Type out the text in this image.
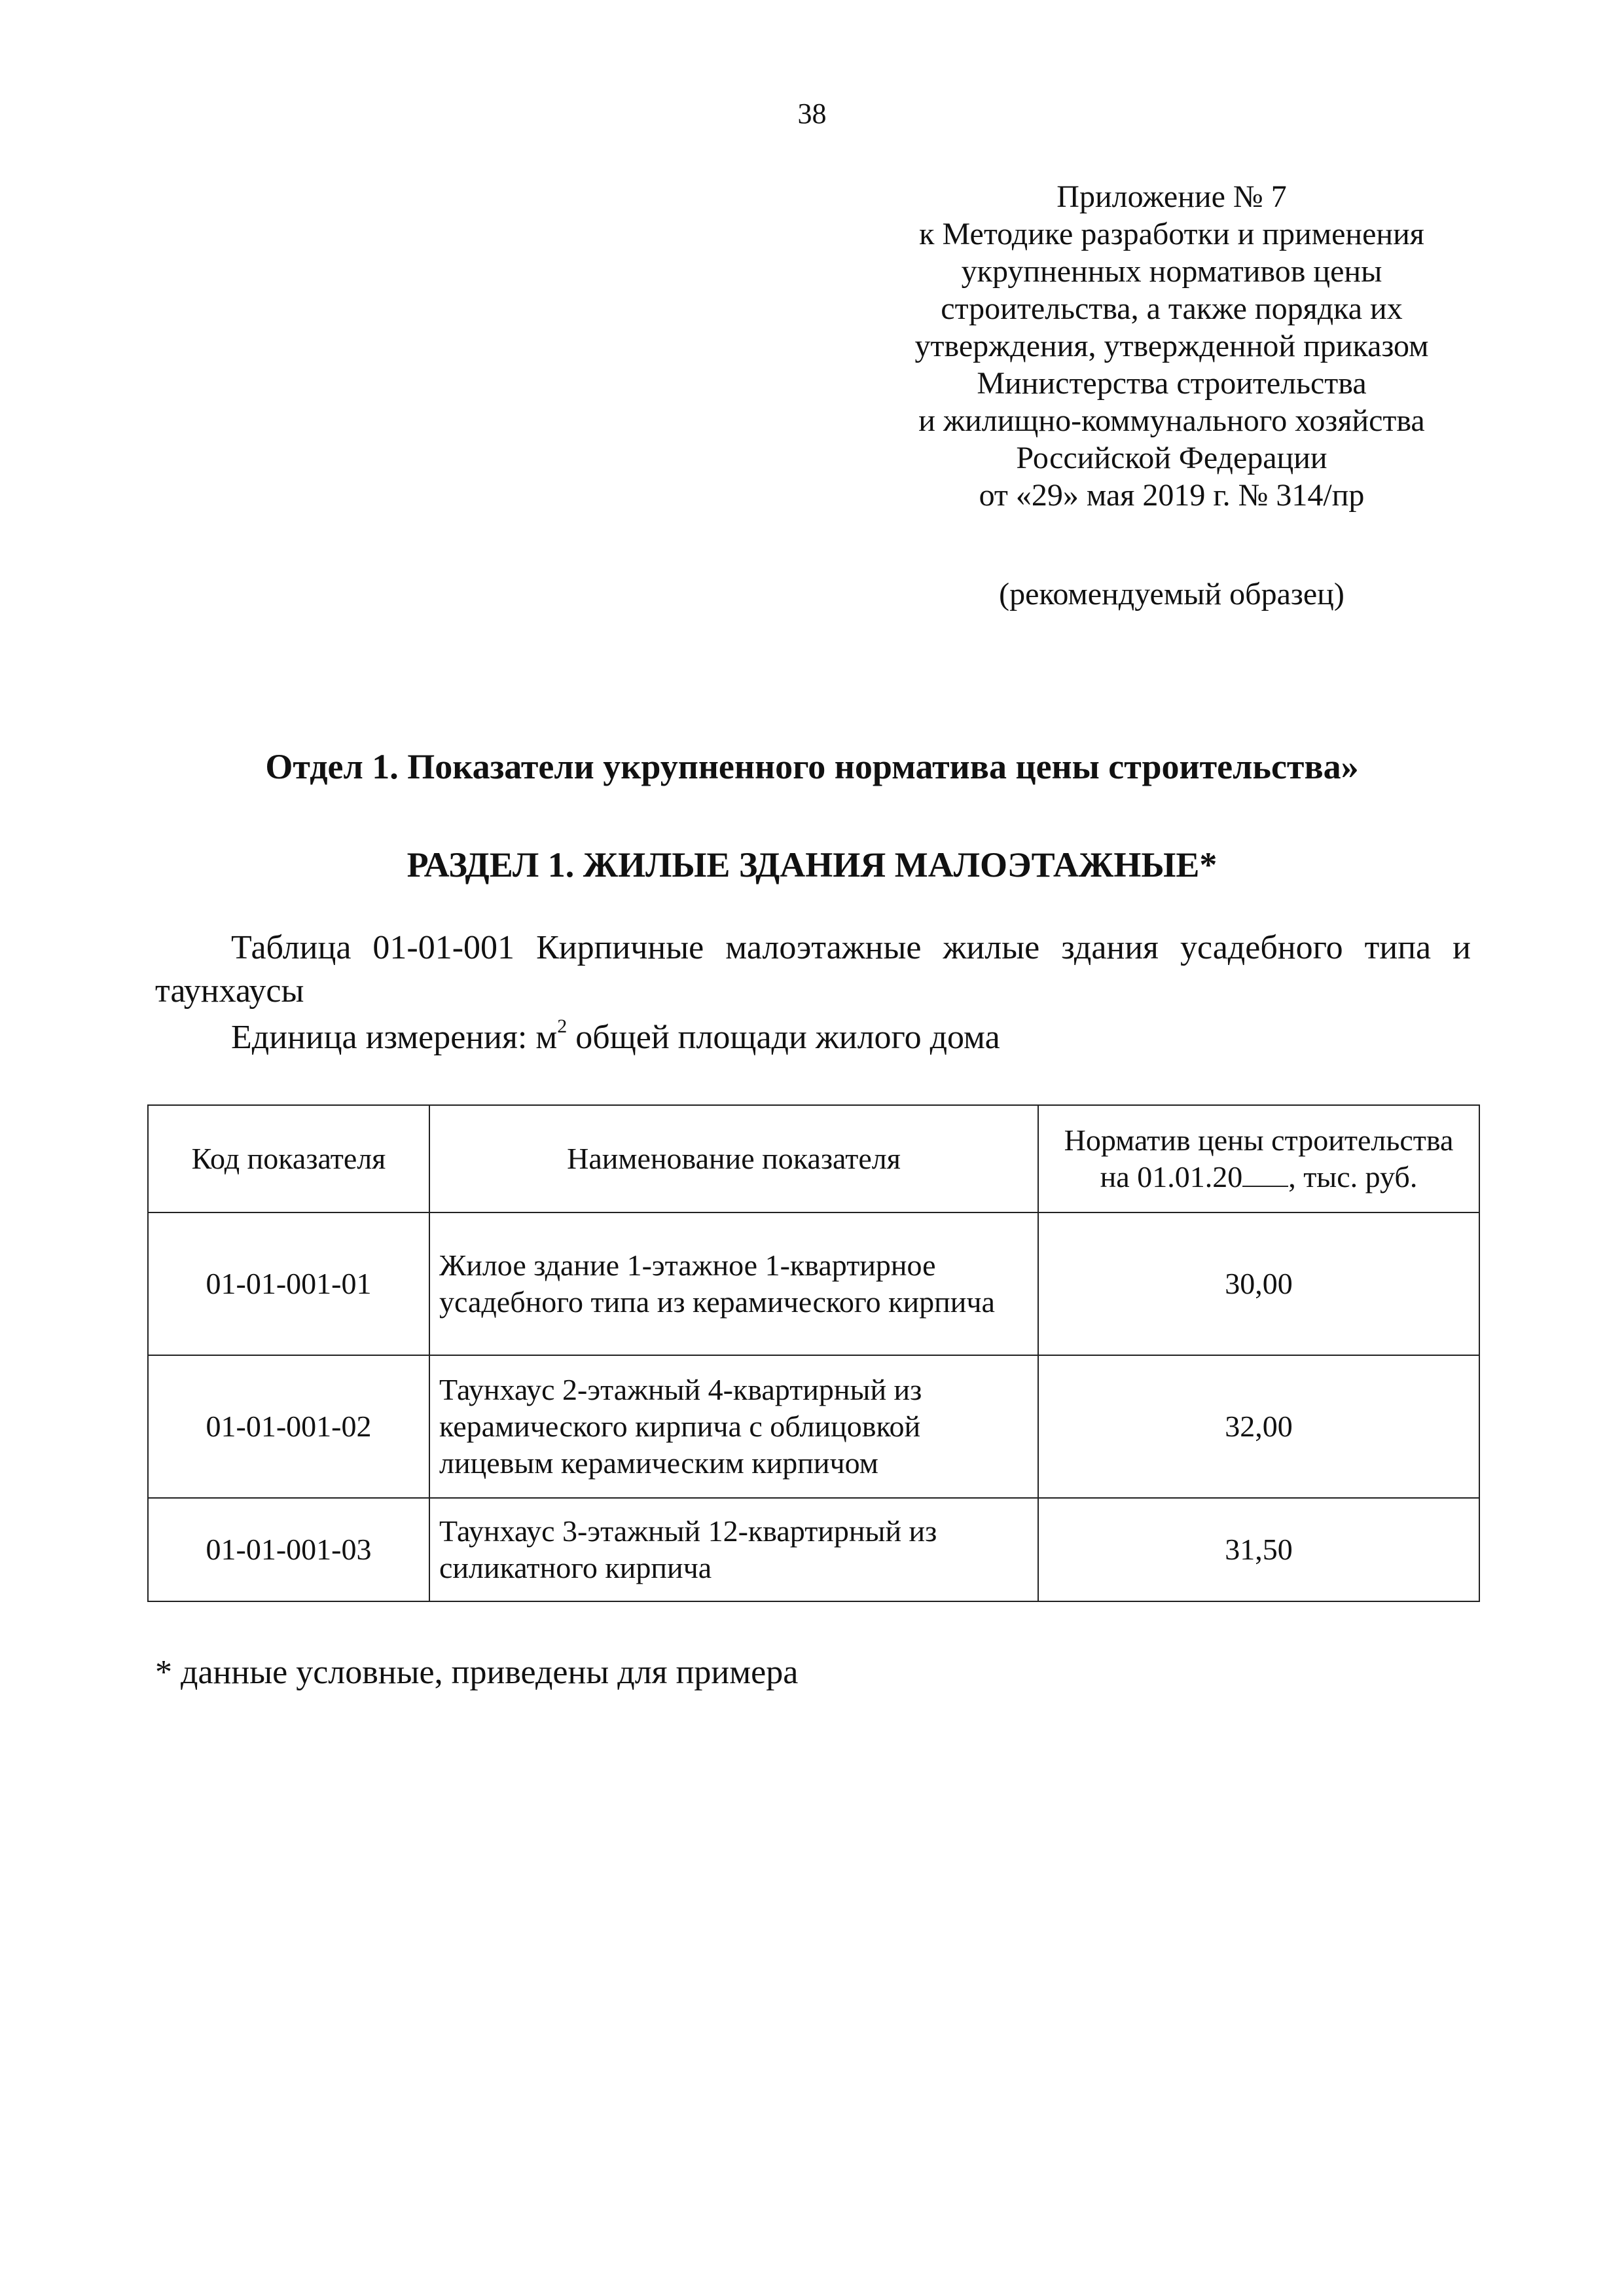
38
Приложение № 7
к Методике разработки и применения
укрупненных нормативов цены
строительства, а также порядка их
утверждения, утвержденной приказом
Министерства строительства
и жилищно-коммунального хозяйства
Российской Федерации
от «29» мая 2019 г. № 314/пр
(рекомендуемый образец)
Отдел 1. Показатели укрупненного норматива цены строительства»
РАЗДЕЛ 1. ЖИЛЫЕ ЗДАНИЯ МАЛОЭТАЖНЫЕ*
Таблица 01-01-001 Кирпичные малоэтажные жилые здания усадебного типа и таунхаусы
Единица измерения: $м^2$ общей площади жилого дома
Код показателя	Наименование показателя	Норматив цены строительства
на 01.01.20 , тыс. руб.
01-01-001-01	Жилое здание 1-этажное 1-квартирное усадебного типа из керамического кирпича	30,00
01-01-001-02	Таунхаус 2-этажный 4-квартирный из керамического кирпича с облицовкой лицевым керамическим кирпичом	32,00
01-01-001-03	Таунхаус 3-этажный 12-квартирный из силикатного кирпича	31,50
* данные условные, приведены для примера
